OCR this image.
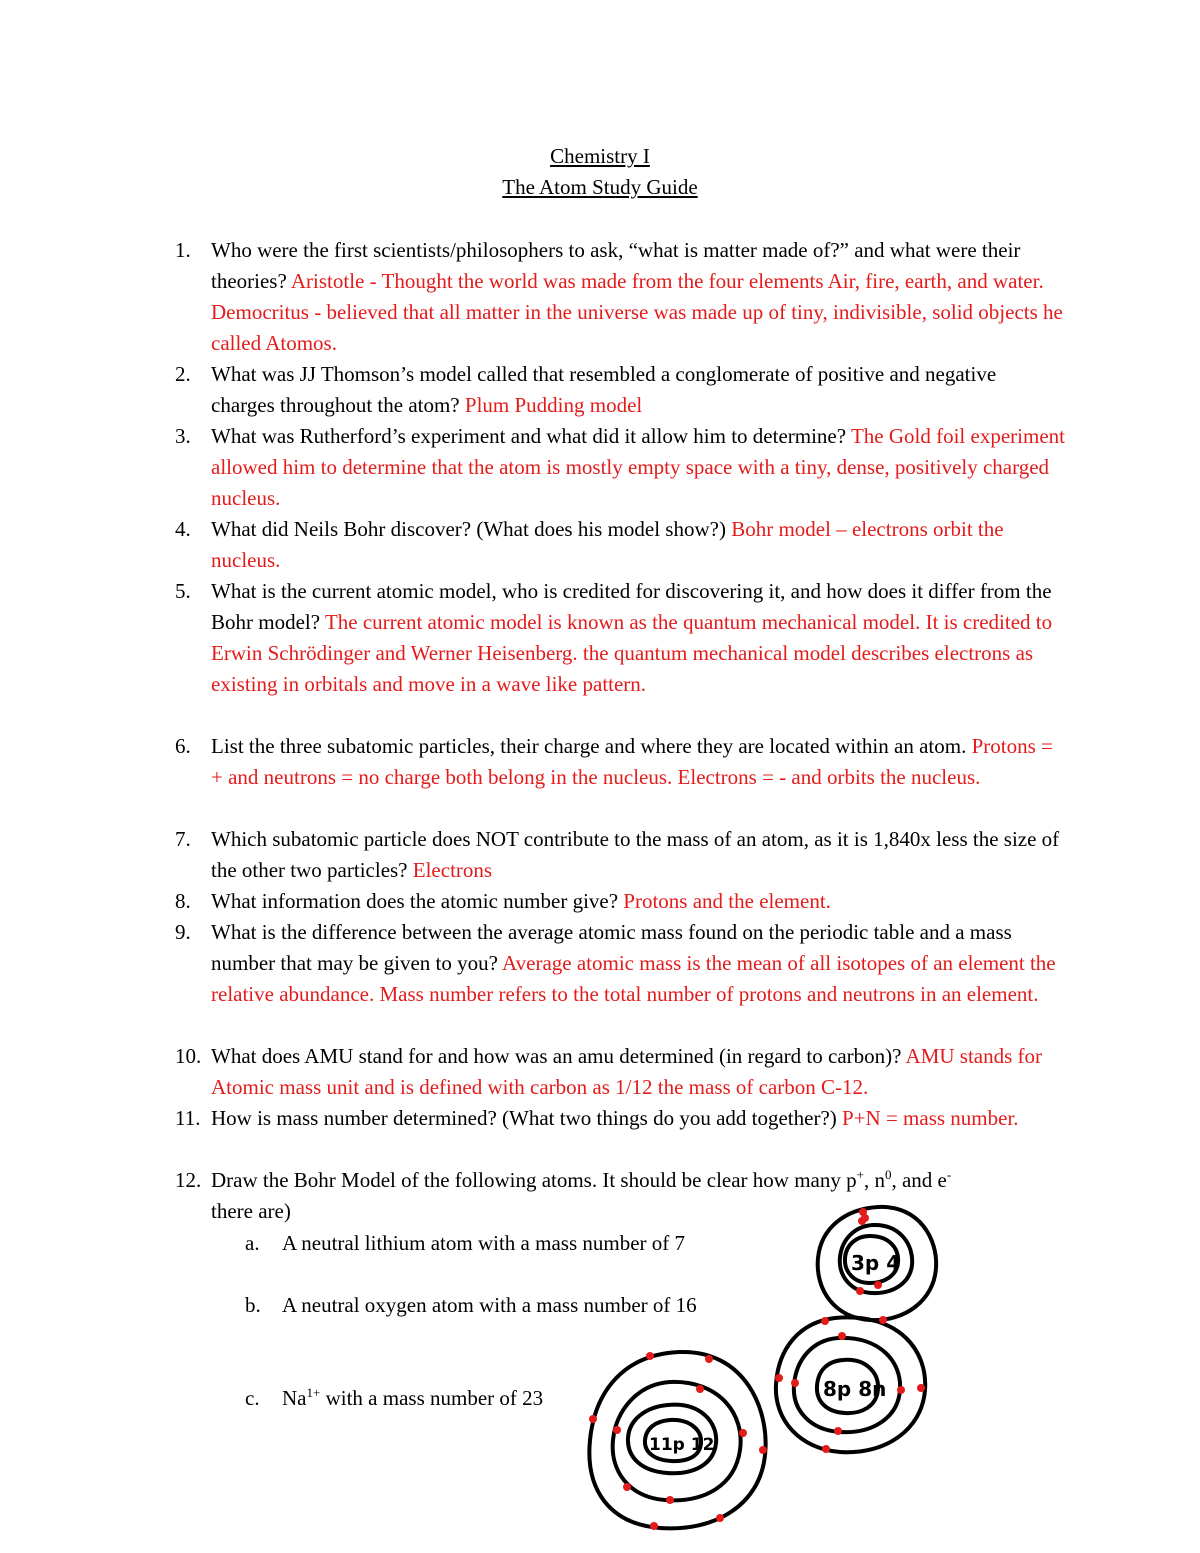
Chemistry I
The Atom Study Guide
1. Who were the first scientists/philosophers to ask, “what is matter made of?” and what were their theories? Aristotle - Thought the world was made from the four elements Air, fire, earth, and water. Democritus - believed that all matter in the universe was made up of tiny, indivisible, solid objects he called Atomos.
2. What was JJ Thomson’s model called that resembled a conglomerate of positive and negative charges throughout the atom? Plum Pudding model
3. What was Rutherford’s experiment and what did it allow him to determine? The Gold foil experiment allowed him to determine that the atom is mostly empty space with a tiny, dense, positively charged nucleus.
4. What did Neils Bohr discover? (What does his model show?) Bohr model – electrons orbit the nucleus.
5. What is the current atomic model, who is credited for discovering it, and how does it differ from the Bohr model? The current atomic model is known as the quantum mechanical model. It is credited to Erwin Schrödinger and Werner Heisenberg. the quantum mechanical model describes electrons as existing in orbitals and move in a wave like pattern.
6. List the three subatomic particles, their charge and where they are located within an atom. Protons = + and neutrons = no charge both belong in the nucleus. Electrons = - and orbits the nucleus.
7. Which subatomic particle does NOT contribute to the mass of an atom, as it is 1,840x less the size of the other two particles? Electrons
8. What information does the atomic number give? Protons and the element.
9. What is the difference between the average atomic mass found on the periodic table and a mass number that may be given to you? Average atomic mass is the mean of all isotopes of an element the relative abundance. Mass number refers to the total number of protons and neutrons in an element.
10. What does AMU stand for and how was an amu determined (in regard to carbon)? AMU stands for Atomic mass unit and is defined with carbon as 1/12 the mass of carbon C-12.
11. How is mass number determined? (What two things do you add together?) P+N = mass number.
12. Draw the Bohr Model of the following atoms. It should be clear how many p+, $n^0$, and e-
there are)
a. A neutral lithium atom with a mass number of 7
b. A neutral oxygen atom with a mass number of 16
c. $Na^{1+}$ with a mass number of 23
3p 4
8p 8n
11p 12
